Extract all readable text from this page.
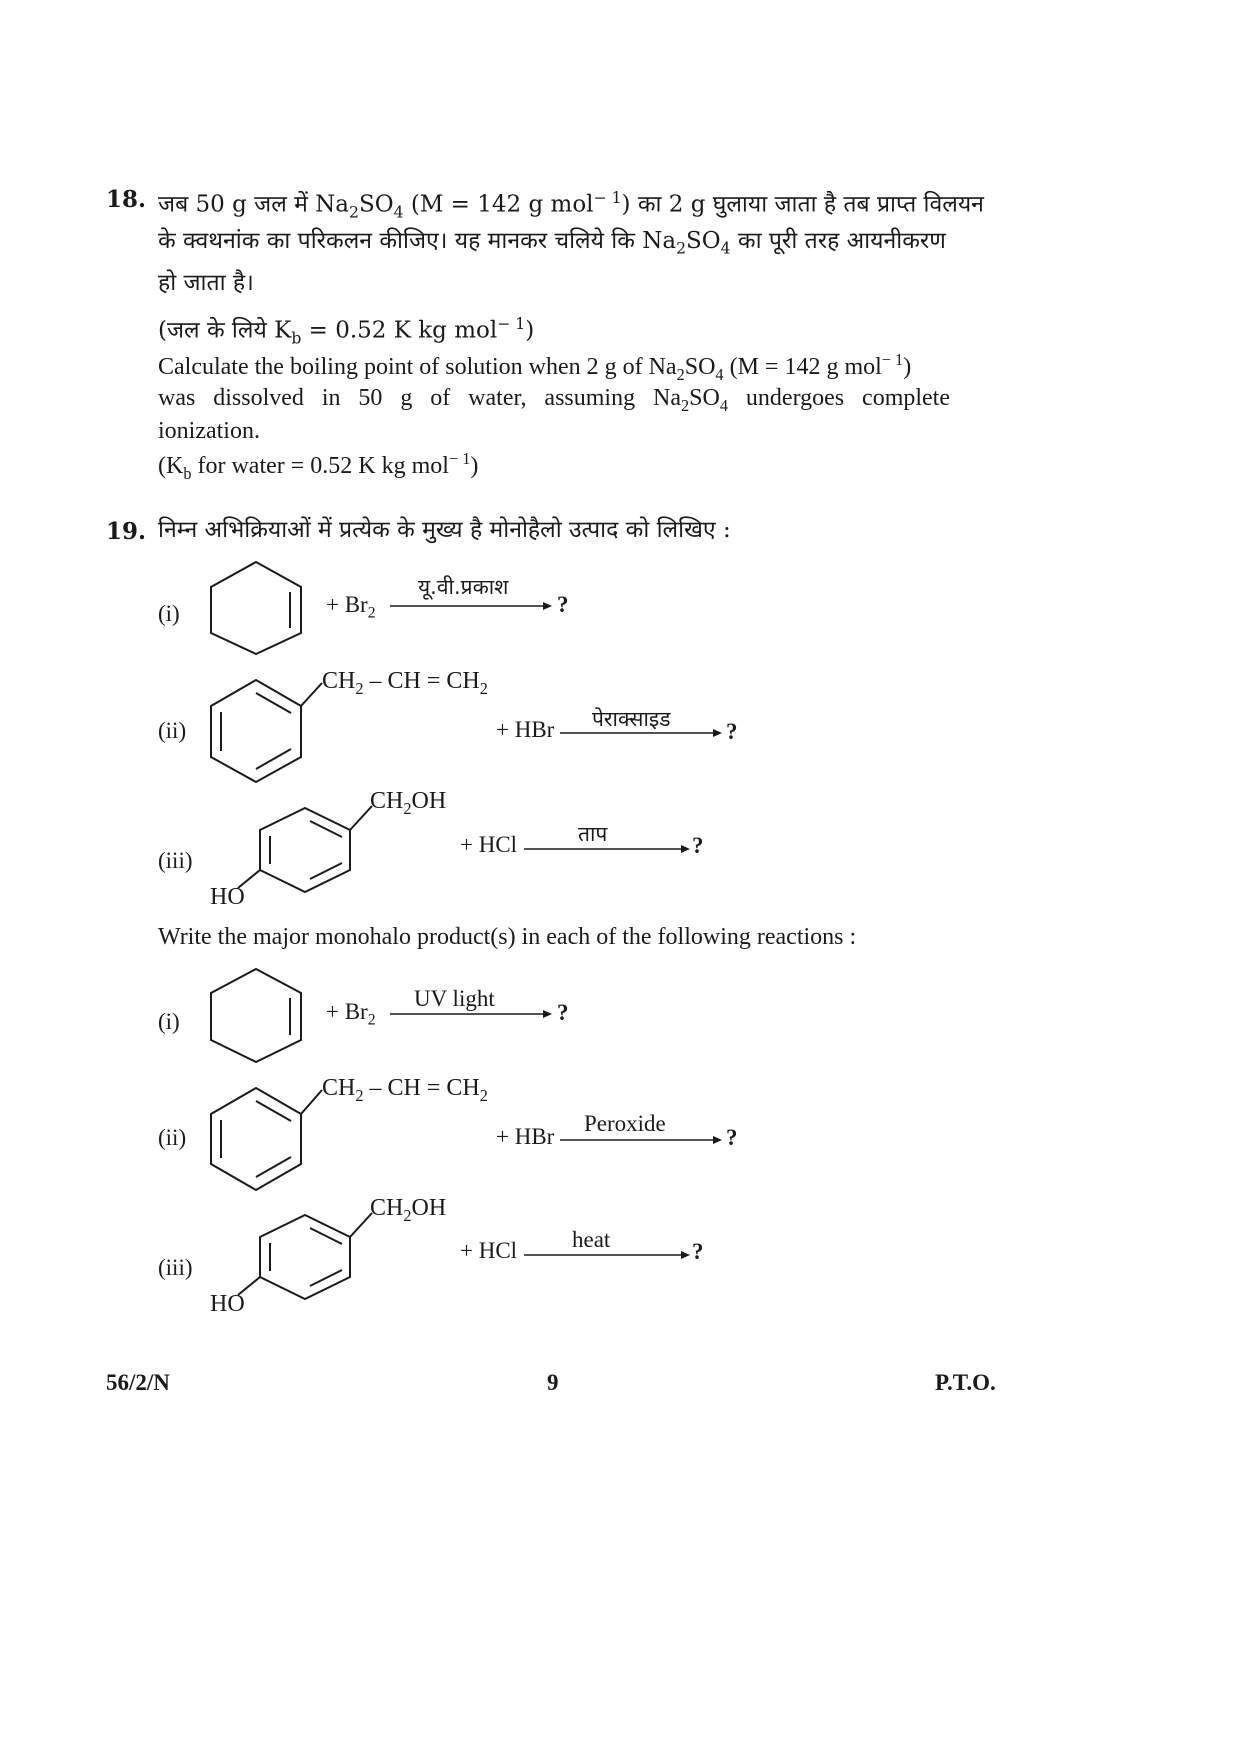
18. जब 50 g जल में $Na_2SO_4$ (M = 142 g mol$^{- 1}$) का 2 g घुलाया जाता है तब प्राप्त विलयन
के क्वथनांक का परिकलन कीजिए। यह मानकर चलिये कि $Na_2SO_4$ का पूरी तरह आयनीकरण
हो जाता है।
(जल के लिये $K_b = 0.52$ K kg mol$^{- 1}$)
Calculate the boiling point of solution when 2 g of $Na_2SO_4$ (M = 142 g mol$^{- 1}$)
was dissolved in 50 g of water, assuming $Na_2SO_4$ undergoes complete
ionization.
($K_b$ for water = 0.52 K kg mol$^{- 1}$)
19. निम्न अभिक्रियाओं में प्रत्येक के मुख्य है मोनोहैलो उत्पाद को लिखिए :
(i)	+ $Br_2$
यू.वी.प्रकाश
?
(ii)
$CH_2$ – CH = $CH_2$
+ HBr पेराक्साइड ?
(iii)
$CH_2OH$
HO
+ HCl	ताप	?
Write the major monohalo product(s) in each of the following reactions :
(i)	+ $Br_2$
UV light
?
(ii)
$CH_2$ – CH = $CH_2$
+ HBr
Peroxide
?
(iii)
$CH_2OH$
HO
+ HCl heat	?
56/2/N	9	P.T.O.
